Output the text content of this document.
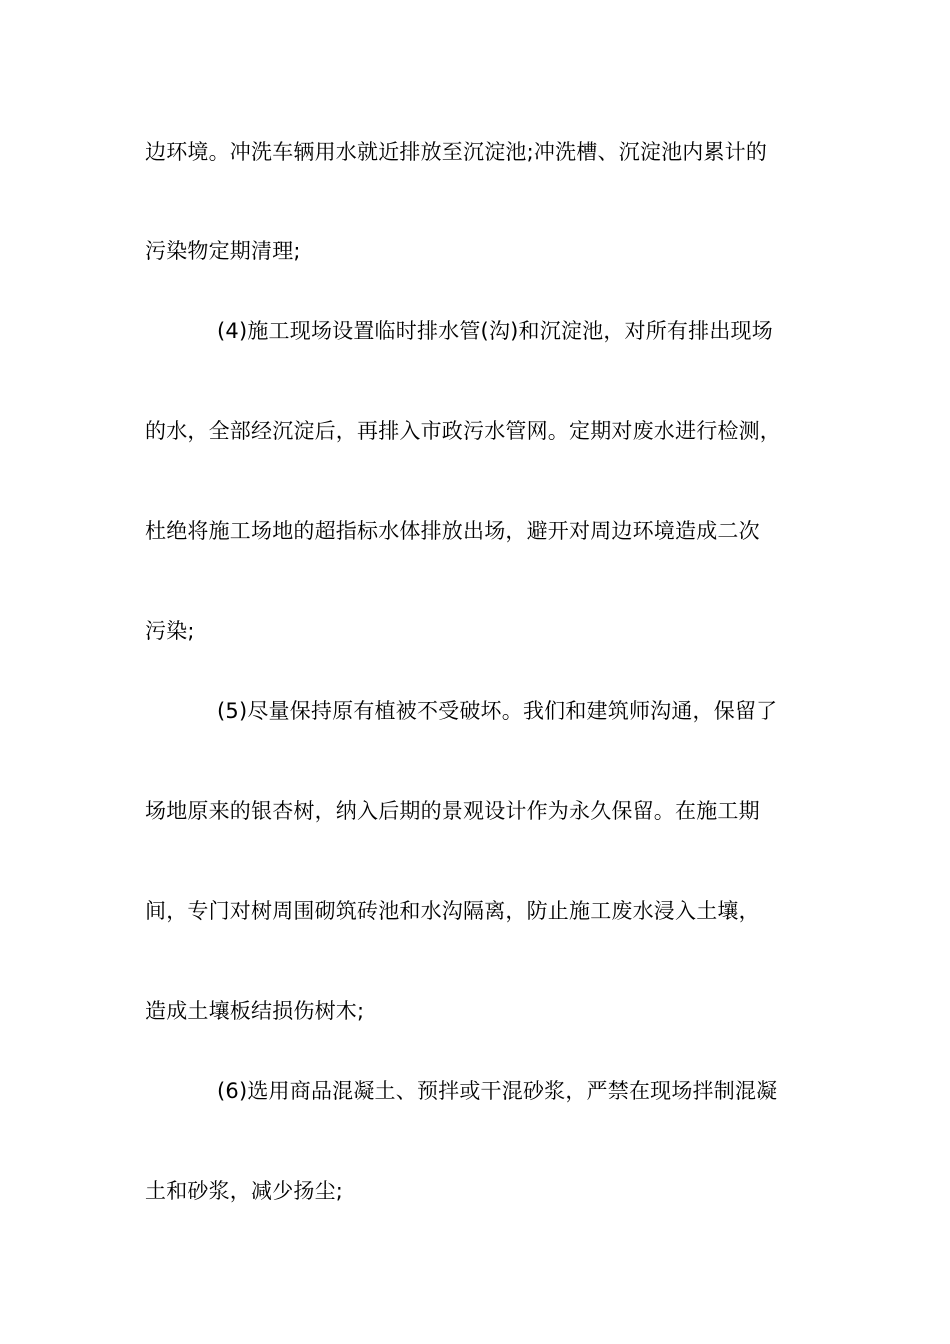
边环境。冲洗车辆用水就近排放至沉淀池;冲洗槽、沉淀池内累计的
污染物定期清理;
(4)施工现场设置临时排水管(沟)和沉淀池，对所有排出现场
的水，全部经沉淀后，再排入市政污水管网。定期对废水进行检测，
杜绝将施工场地的超指标水体排放出场，避开对周边环境造成二次
污染;
(5)尽量保持原有植被不受破坏。我们和建筑师沟通，保留了
场地原来的银杏树，纳入后期的景观设计作为永久保留。在施工期
间，专门对树周围砌筑砖池和水沟隔离，防止施工废水浸入土壤，
造成土壤板结损伤树木;
(6)选用商品混凝土、预拌或干混砂浆，严禁在现场拌制混凝
土和砂浆，减少扬尘;
